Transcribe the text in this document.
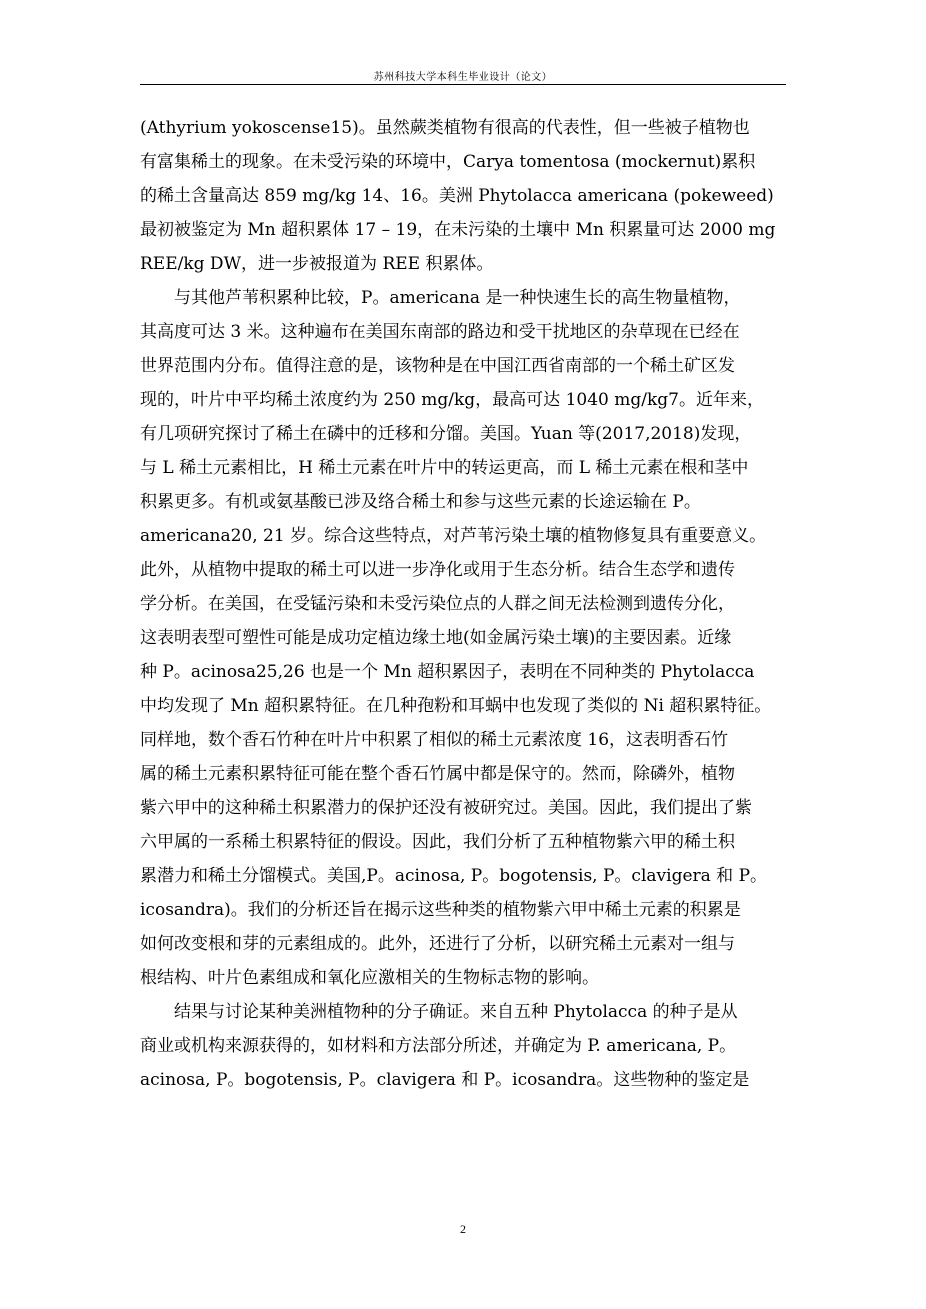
苏州科技大学本科生毕业设计（论文）

(Athyrium yokoscense15)。虽然蕨类植物有很高的代表性，但一些被子植物也
有富集稀土的现象。在未受污染的环境中，Carya tomentosa (mockernut)累积
的稀土含量高达 859 mg/kg 14、16。美洲 Phytolacca americana (pokeweed)
最初被鉴定为 Mn 超积累体 17 – 19，在未污染的土壤中 Mn 积累量可达 2000 mg
REE/kg DW，进一步被报道为 REE 积累体。

与其他芦苇积累种比较，P。americana 是一种快速生长的高生物量植物，
其高度可达 3 米。这种遍布在美国东南部的路边和受干扰地区的杂草现在已经在
世界范围内分布。值得注意的是，该物种是在中国江西省南部的一个稀土矿区发
现的，叶片中平均稀土浓度约为 250 mg/kg，最高可达 1040 mg/kg7。近年来，
有几项研究探讨了稀土在磷中的迁移和分馏。美国。Yuan 等(2017,2018)发现，
与 L 稀土元素相比，H 稀土元素在叶片中的转运更高，而 L 稀土元素在根和茎中
积累更多。有机或氨基酸已涉及络合稀土和参与这些元素的长途运输在 P。
americana20, 21 岁。综合这些特点，对芦苇污染土壤的植物修复具有重要意义。
此外，从植物中提取的稀土可以进一步净化或用于生态分析。结合生态学和遗传
学分析。在美国，在受锰污染和未受污染位点的人群之间无法检测到遗传分化，
这表明表型可塑性可能是成功定植边缘土地(如金属污染土壤)的主要因素。近缘
种 P。acinosa25,26 也是一个 Mn 超积累因子，表明在不同种类的 Phytolacca
中均发现了 Mn 超积累特征。在几种孢粉和耳蜗中也发现了类似的 Ni 超积累特征。
同样地，数个香石竹种在叶片中积累了相似的稀土元素浓度 16，这表明香石竹
属的稀土元素积累特征可能在整个香石竹属中都是保守的。然而，除磷外，植物
紫六甲中的这种稀土积累潜力的保护还没有被研究过。美国。因此，我们提出了紫
六甲属的一系稀土积累特征的假设。因此，我们分析了五种植物紫六甲的稀土积
累潜力和稀土分馏模式。美国,P。acinosa, P。bogotensis, P。clavigera 和 P。
icosandra)。我们的分析还旨在揭示这些种类的植物紫六甲中稀土元素的积累是
如何改变根和芽的元素组成的。此外，还进行了分析，以研究稀土元素对一组与
根结构、叶片色素组成和氧化应激相关的生物标志物的影响。

结果与讨论某种美洲植物种的分子确证。来自五种 Phytolacca 的种子是从
商业或机构来源获得的，如材料和方法部分所述，并确定为 P. americana, P。
acinosa, P。bogotensis, P。clavigera 和 P。icosandra。这些物种的鉴定是

2
